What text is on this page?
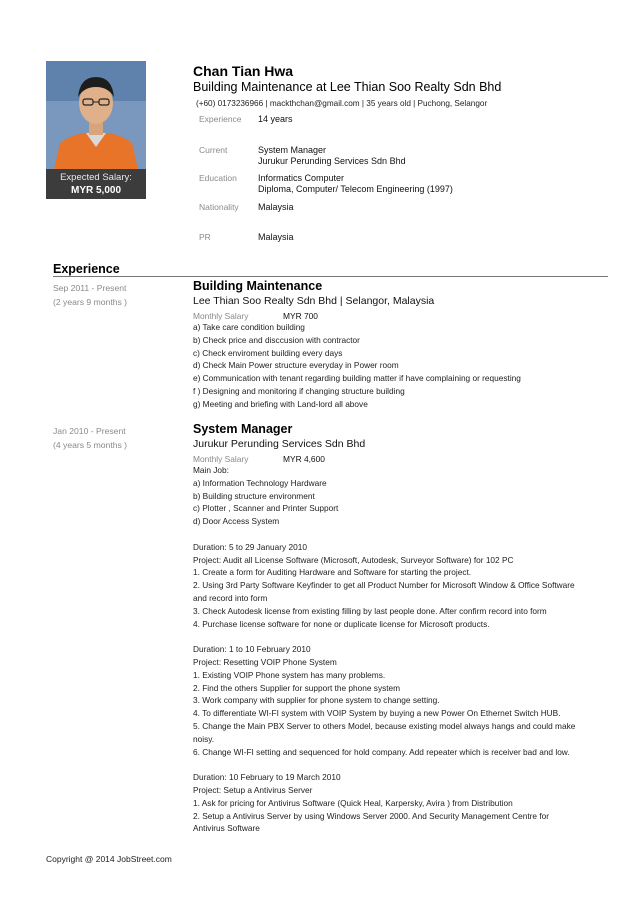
Expected Salary:
MYR 5,000
Chan Tian Hwa
Building Maintenance at Lee Thian Soo Realty Sdn Bhd
(+60) 0173236966 | mackthchan@gmail.com | 35 years old | Puchong, Selangor
Experience 14 years
Current	System Manager
Jurukur Perunding Services Sdn Bhd
Education	Informatics Computer
Diploma, Computer/ Telecom Engineering (1997)
Nationality	Malaysia
PR	Malaysia
Experience
Sep 2011 - Present
(2 years 9 months )
Building Maintenance
Lee Thian Soo Realty Sdn Bhd | Selangor, Malaysia
Monthly Salary	MYR 700
a) Take care condition building
b) Check price and disccusion with contractor
c) Check enviroment building every days
d) Check Main Power structure everyday in Power room
e) Communication with tenant regarding building matter if have complaining or requesting
f ) Designing and monitoring if changing structure building
g) Meeting and briefing with Land-lord all above
Jan 2010 - Present
(4 years 5 months )
System Manager
Jurukur Perunding Services Sdn Bhd
Monthly Salary	MYR 4,600
Main Job:
a) Information Technology Hardware
b) Building structure environment
c) Plotter , Scanner and Printer Support
d) Door Access System
Duration: 5 to 29 January 2010
Project: Audit all License Software (Microsoft, Autodesk, Surveyor Software) for 102 PC
1. Create a form for Auditing Hardware and Software for starting the project.
2. Using 3rd Party Software Keyfinder to get all Product Number for Microsoft Window & Office Software
and record into form
3. Check Autodesk license from existing filling by last people done. After confirm record into form
4. Purchase license software for none or duplicate license for Microsoft products.
Duration: 1 to 10 February 2010
Project: Resetting VOIP Phone System
1. Existing VOIP Phone system has many problems.
2. Find the others Supplier for support the phone system
3. Work company with supplier for phone system to change setting.
4. To differentiate WI-FI system with VOIP System by buying a new Power On Ethernet Switch HUB.
5. Change the Main PBX Server to others Model, because existing model always hangs and could make
noisy.
6. Change WI-FI setting and sequenced for hold company. Add repeater which is receiver bad and low.
Duration: 10 February to 19 March 2010
Project: Setup a Antivirus Server
1. Ask for pricing for Antivirus Software (Quick Heal, Karpersky, Avira ) from Distribution
2. Setup a Antivirus Server by using Windows Server 2000. And Security Management Centre for
Antivirus Software
Copyright @ 2014 JobStreet.com
